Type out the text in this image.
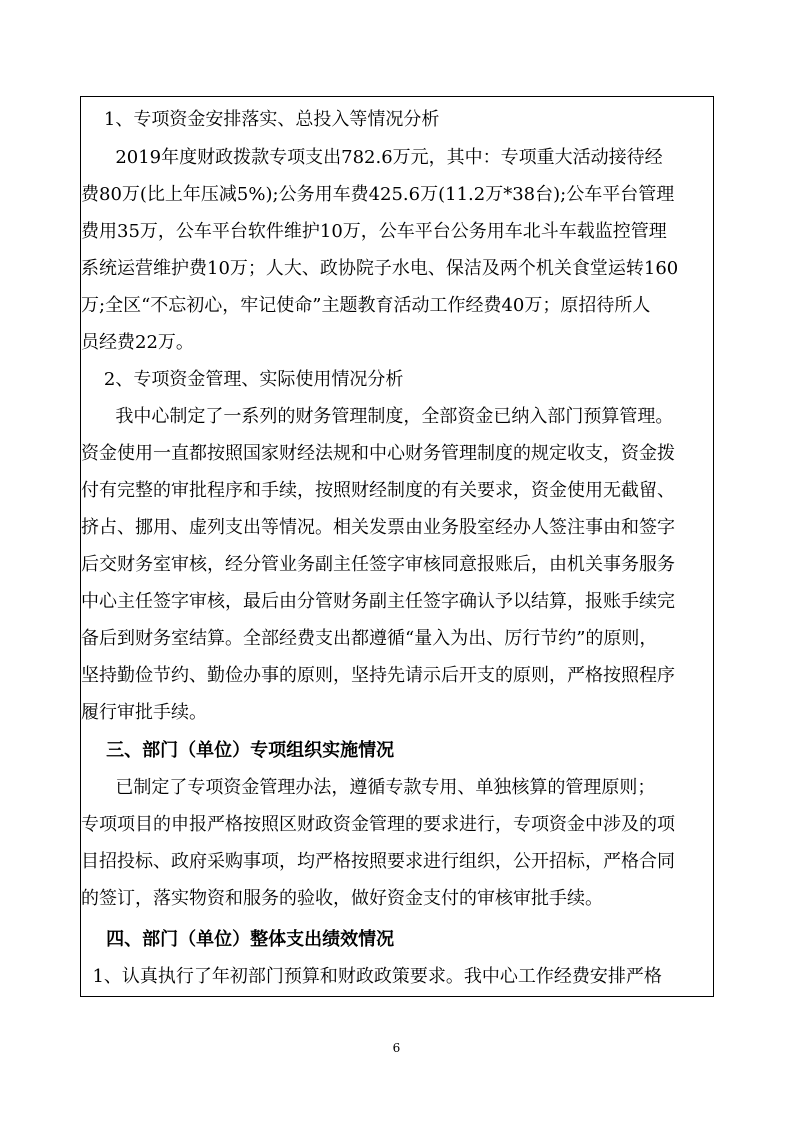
1、专项资金安排落实、总投入等情况分析
2019年度财政拨款专项支出782.6万元，其中：专项重大活动接待经
费80万(比上年压减5%);公务用车费425.6万(11.2万*38台);公车平台管理
费用35万，公车平台软件维护10万，公车平台公务用车北斗车载监控管理
系统运营维护费10万；人大、政协院子水电、保洁及两个机关食堂运转160
万;全区“不忘初心，牢记使命”主题教育活动工作经费40万；原招待所人
员经费22万。
2、专项资金管理、实际使用情况分析
我中心制定了一系列的财务管理制度，全部资金已纳入部门预算管理。
资金使用一直都按照国家财经法规和中心财务管理制度的规定收支，资金拨
付有完整的审批程序和手续，按照财经制度的有关要求，资金使用无截留、
挤占、挪用、虚列支出等情况。相关发票由业务股室经办人签注事由和签字
后交财务室审核，经分管业务副主任签字审核同意报账后，由机关事务服务
中心主任签字审核，最后由分管财务副主任签字确认予以结算，报账手续完
备后到财务室结算。全部经费支出都遵循“量入为出、厉行节约”的原则，
坚持勤俭节约、勤俭办事的原则，坚持先请示后开支的原则，严格按照程序
履行审批手续。
三、部门（单位）专项组织实施情况
已制定了专项资金管理办法，遵循专款专用、单独核算的管理原则；
专项项目的申报严格按照区财政资金管理的要求进行，专项资金中涉及的项
目招投标、政府采购事项，均严格按照要求进行组织，公开招标，严格合同
的签订，落实物资和服务的验收，做好资金支付的审核审批手续。
四、部门（单位）整体支出绩效情况
1、认真执行了年初部门预算和财政政策要求。我中心工作经费安排严格
6
